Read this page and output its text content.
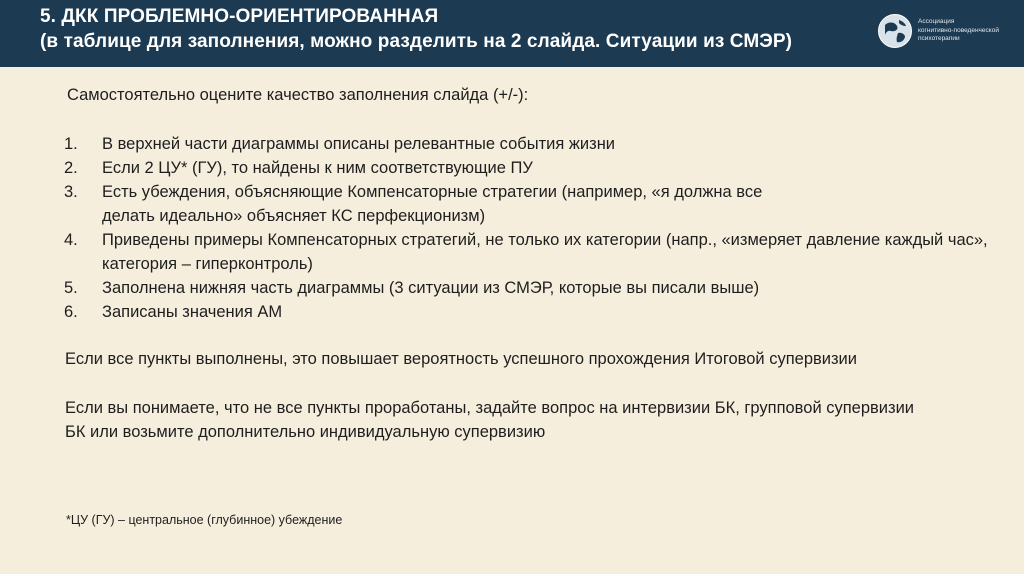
5. ДКК ПРОБЛЕМНО-ОРИЕНТИРОВАННАЯ
(в таблице для заполнения, можно разделить на 2 слайда. Ситуации из СМЭР)
Ассоциация
когнитивно-поведенческой
психотерапии
Самостоятельно оцените качество заполнения слайда (+/-):
1. В верхней части диаграммы описаны релевантные события жизни
2. Если 2 ЦУ* (ГУ), то найдены к ним соответствующие ПУ
3. Есть убеждения, объясняющие Компенсаторные стратегии (например, «я должна все делать идеально» объясняет КС перфекционизм)
4. Приведены примеры Компенсаторных стратегий, не только их категории (напр., «измеряет давление каждый час», категория – гиперконтроль)
5. Заполнена нижняя часть диаграммы (3 ситуации из СМЭР, которые вы писали выше)
6. Записаны значения АМ
Если все пункты выполнены, это повышает вероятность успешного прохождения Итоговой супервизии
Если вы понимаете, что не все пункты проработаны, задайте вопрос на интервизии БК, групповой супервизии БК или возьмите дополнительно индивидуальную супервизию
*ЦУ (ГУ) – центральное (глубинное) убеждение
